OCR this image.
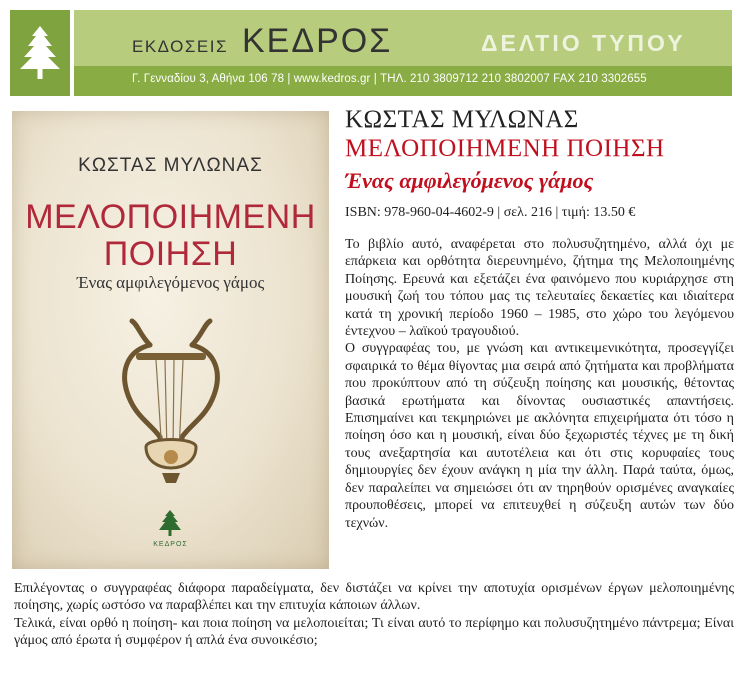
ΕΚΔΟΣΕΙΣ ΚΕΔΡΟΣ	ΔΕΛΤΙΟ ΤΥΠΟΥ
Γ. Γενναδίου 3, Αθήνα 106 78 | www.kedros.gr | ΤΗΛ. 210 3809712 210 3802007 FAX 210 3302655
ΚΩΣΤΑΣ ΜΥΛΩΝΑΣ
ΜΕΛΟΠΟΙΗΜΕΝΗ
ΠΟΙΗΣΗ
Ένας αμφιλεγόμενος γάμος
ΚΕΔΡΟΣ
ΚΩΣΤΑΣ ΜΥΛΩΝΑΣ
ΜΕΛΟΠΟΙΗΜΕΝΗ ΠΟΙΗΣΗ
Ένας αμφιλεγόμενος γάμος
ISBN: 978-960-04-4602-9 | σελ. 216 | τιμή: 13.50 €

Το βιβλίο αυτό, αναφέρεται στο πολυσυζητημένο, αλλά όχι με επάρκεια και ορθότητα διερευνημένο, ζήτημα της Μελοποιημένης Ποίησης. Ερευνά και εξετάζει ένα φαινόμενο που κυριάρχησε στη μουσική ζωή του τόπου μας τις τελευταίες δεκαετίες και ιδιαίτερα κατά τη χρονική περίοδο 1960 – 1985, στο χώρο του λεγόμενου έντεχνου – λαϊκού τραγουδιού.

Ο συγγραφέας του, με γνώση και αντικειμενικότητα, προσεγγίζει σφαιρικά το θέμα θίγοντας μια σειρά από ζητήματα και προβλήματα που προκύπτουν από τη σύζευξη ποίησης και μουσικής, θέτοντας βασικά ερωτήματα και δίνοντας ουσιαστικές απαντήσεις. Επισημαίνει και τεκμηριώνει με ακλόνητα επιχειρήματα ότι τόσο η ποίηση όσο και η μουσική, είναι δύο ξεχωριστές τέχνες με τη δική τους ανεξαρτησία και αυτοτέλεια και ότι στις κορυφαίες τους δημιουργίες δεν έχουν ανάγκη η μία την άλλη. Παρά ταύτα, όμως, δεν παραλείπει να σημειώσει ότι αν τηρηθούν ορισμένες αναγκαίες προυποθέσεις, μπορεί να επιτευχθεί η σύζευξη αυτών των δύο τεχνών.

Επιλέγοντας ο συγγραφέας διάφορα παραδείγματα, δεν διστάζει να κρίνει την αποτυχία ορισμένων έργων μελοποιημένης ποίησης, χωρίς ωστόσο να παραβλέπει και την επιτυχία κάποιων άλλων.

Τελικά, είναι ορθό η ποίηση- και ποια ποίηση να μελοποιείται; Τι είναι αυτό το περίφημο και πολυσυζητημένο πάντρεμα; Είναι γάμος από έρωτα ή συμφέρον ή απλά ένα συνοικέσιο;
